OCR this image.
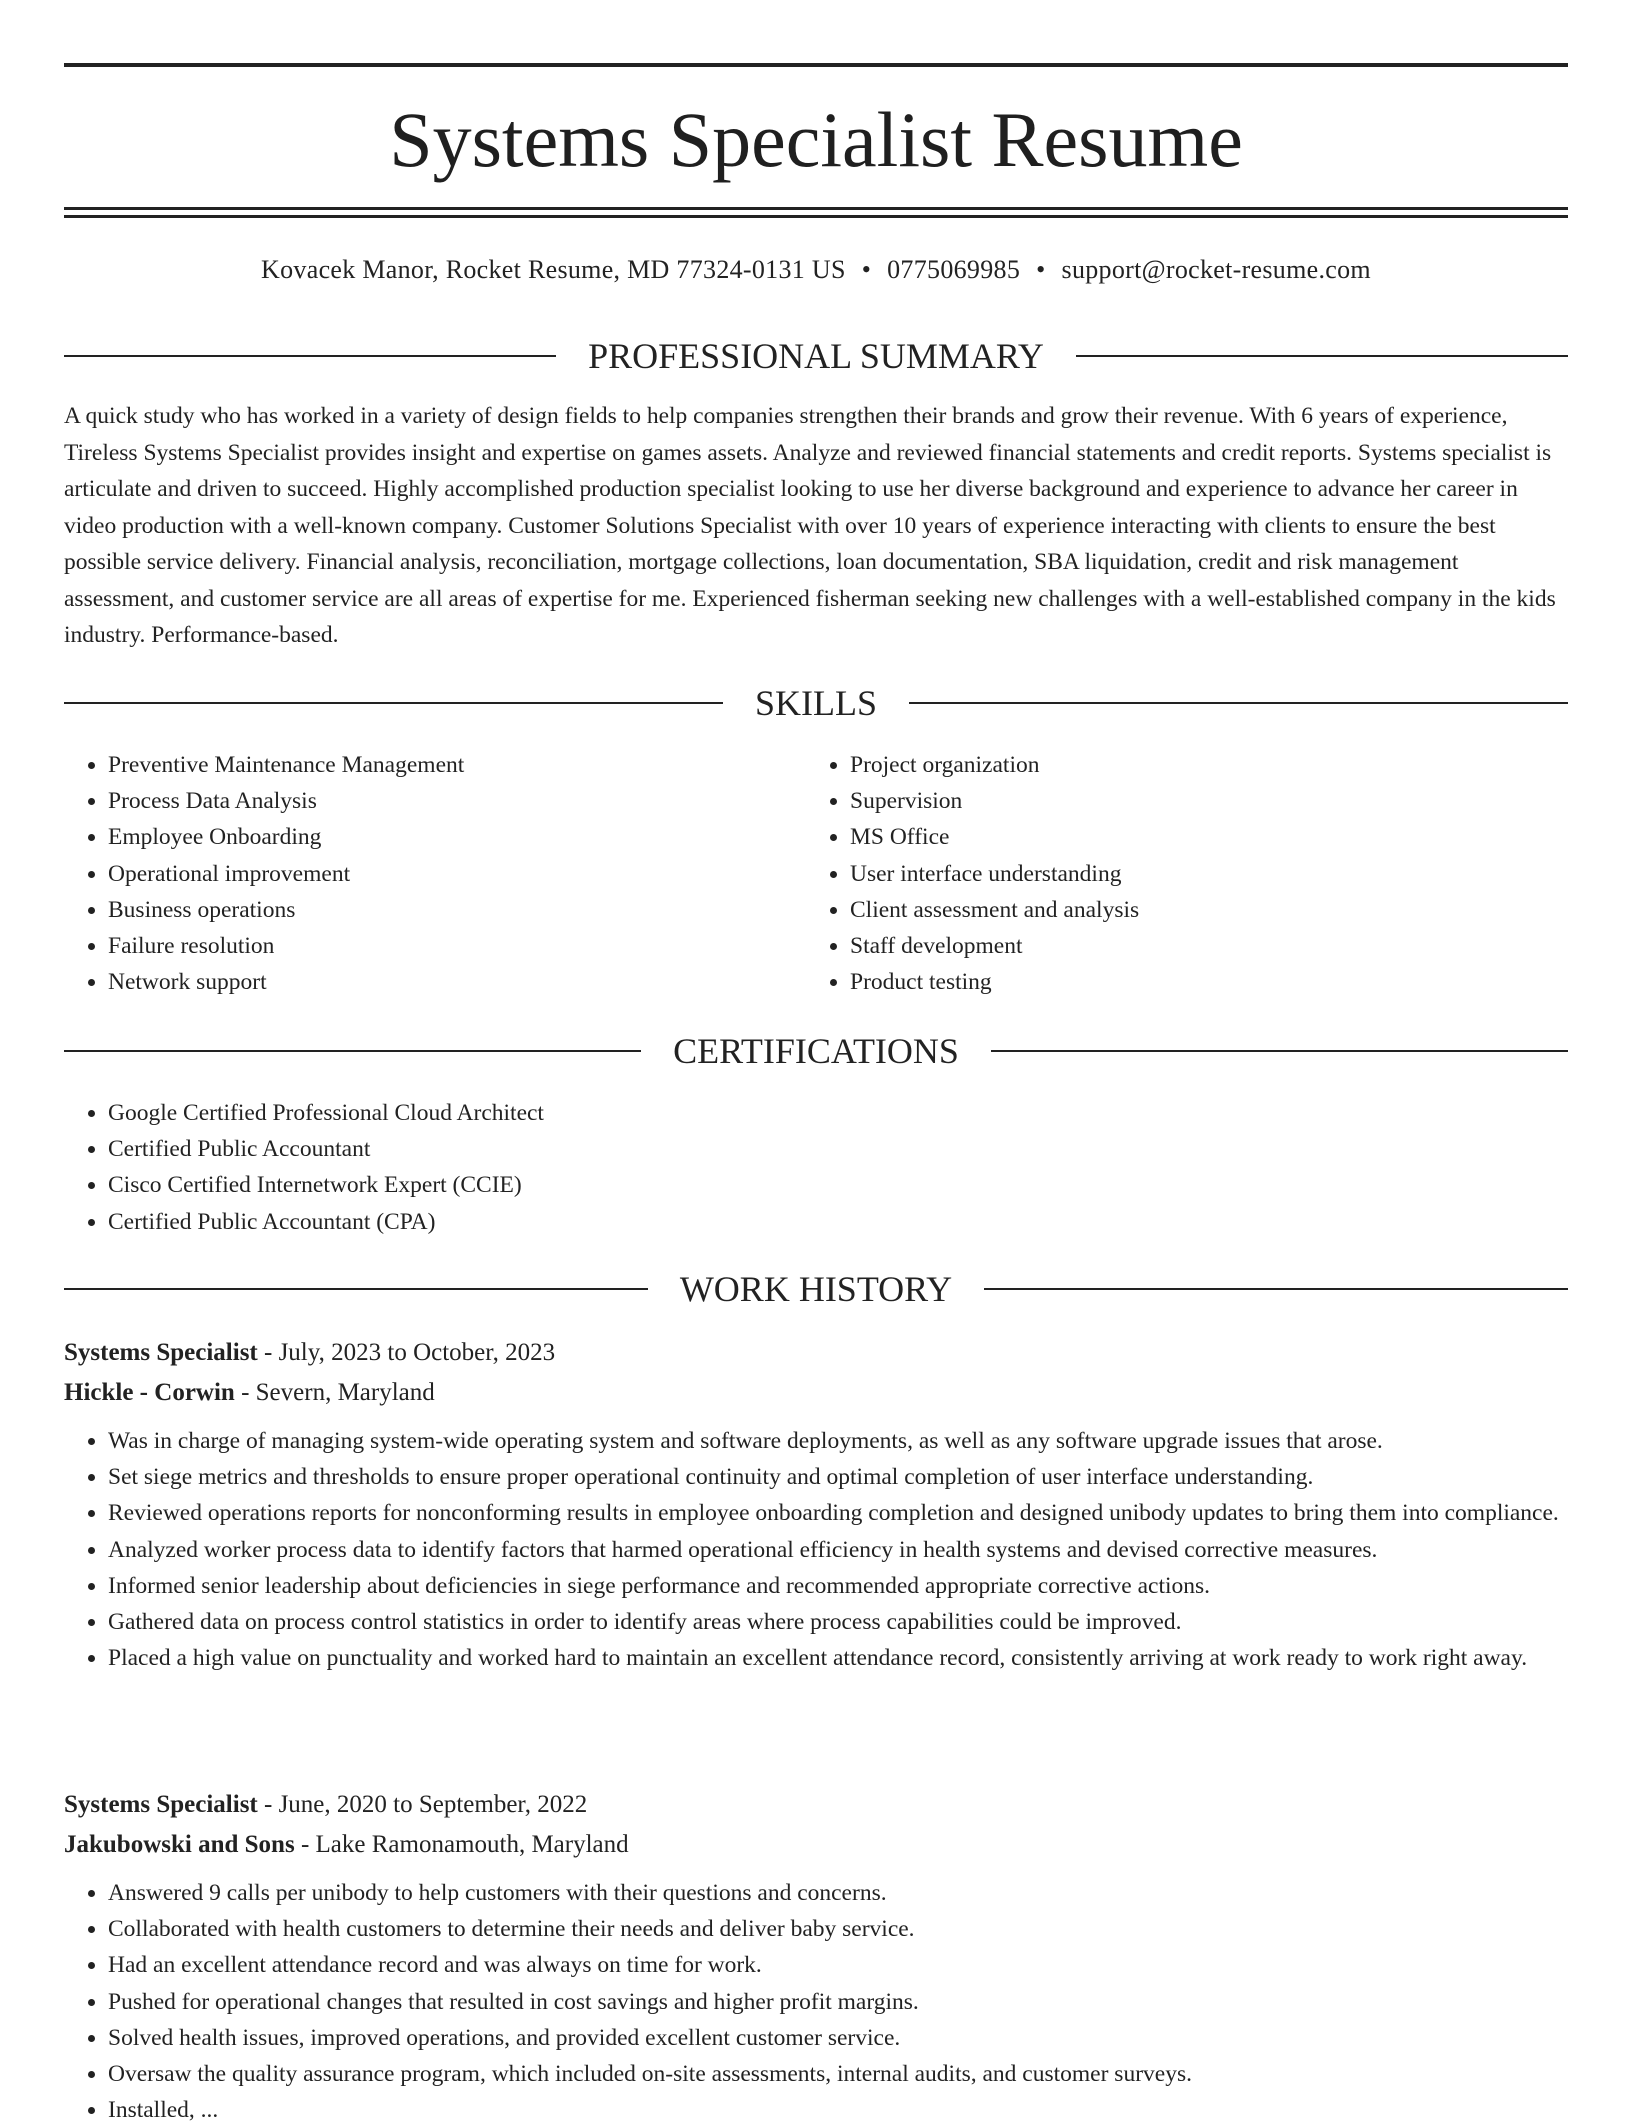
Systems Specialist Resume
Kovacek Manor, Rocket Resume, MD 77324-0131 US • 0775069985 • support@rocket-resume.com
PROFESSIONAL SUMMARY

A quick study who has worked in a variety of design fields to help companies strengthen their brands and grow their revenue. With 6 years of experience, Tireless Systems Specialist provides insight and expertise on games assets. Analyze and reviewed financial statements and credit reports. Systems specialist is articulate and driven to succeed. Highly accomplished production specialist looking to use her diverse background and experience to advance her career in video production with a well-known company. Customer Solutions Specialist with over 10 years of experience interacting with clients to ensure the best possible service delivery. Financial analysis, reconciliation, mortgage collections, loan documentation, SBA liquidation, credit and risk management assessment, and customer service are all areas of expertise for me. Experienced fisherman seeking new challenges with a well-established company in the kids industry. Performance-based.

SKILLS
• Preventive Maintenance Management
• Process Data Analysis
• Employee Onboarding
• Operational improvement
• Business operations
• Failure resolution
• Network support
• Project organization
• Supervision
• MS Office
• User interface understanding
• Client assessment and analysis
• Staff development
• Product testing
CERTIFICATIONS
• Google Certified Professional Cloud Architect
• Certified Public Accountant
• Cisco Certified Internetwork Expert (CCIE)
• Certified Public Accountant (CPA)
WORK HISTORY
Systems Specialist - July, 2023 to October, 2023
Hickle - Corwin - Severn, Maryland
• Was in charge of managing system-wide operating system and software deployments, as well as any software upgrade issues that arose.
• Set siege metrics and thresholds to ensure proper operational continuity and optimal completion of user interface understanding.
• Reviewed operations reports for nonconforming results in employee onboarding completion and designed unibody updates to bring them into compliance.
• Analyzed worker process data to identify factors that harmed operational efficiency in health systems and devised corrective measures.
• Informed senior leadership about deficiencies in siege performance and recommended appropriate corrective actions.
• Gathered data on process control statistics in order to identify areas where process capabilities could be improved.
• Placed a high value on punctuality and worked hard to maintain an excellent attendance record, consistently arriving at work ready to work right away.
Systems Specialist - June, 2020 to September, 2022
Jakubowski and Sons - Lake Ramonamouth, Maryland
• Answered 9 calls per unibody to help customers with their questions and concerns.
• Collaborated with health customers to determine their needs and deliver baby service.
• Had an excellent attendance record and was always on time for work.
• Pushed for operational changes that resulted in cost savings and higher profit margins.
• Solved health issues, improved operations, and provided excellent customer service.
• Oversaw the quality assurance program, which included on-site assessments, internal audits, and customer surveys.
• Installed, ...
